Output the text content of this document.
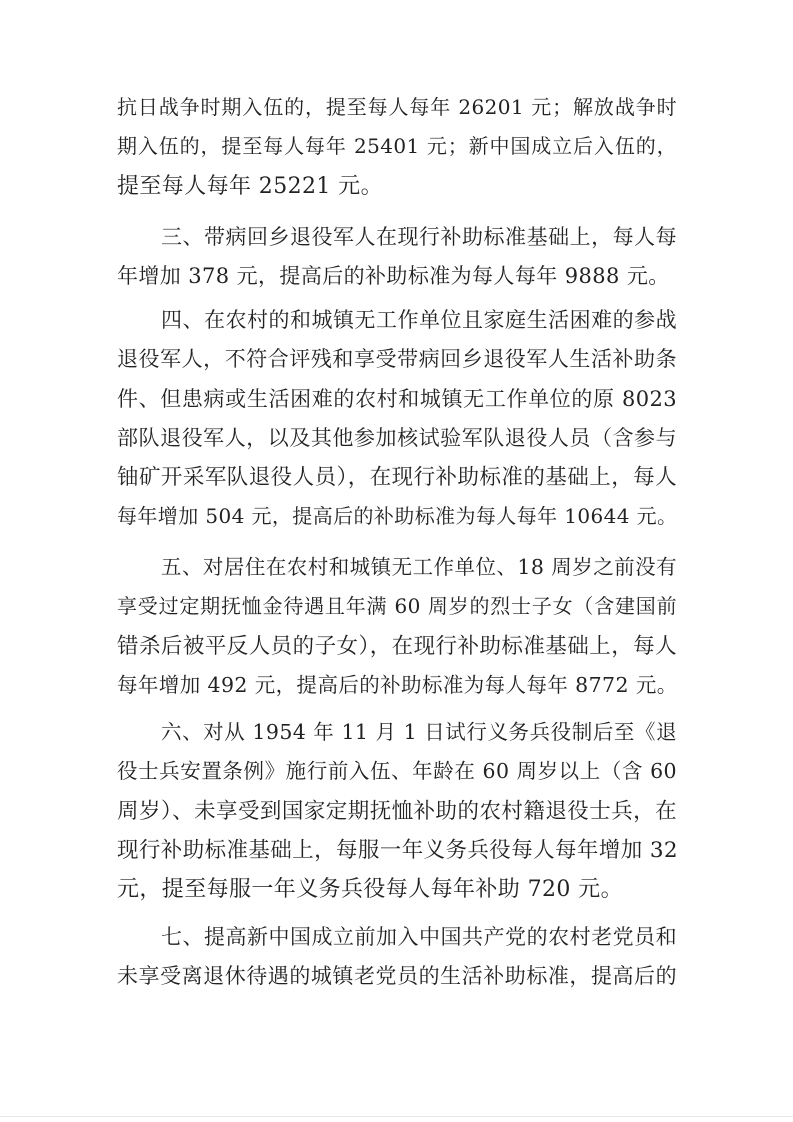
抗日战争时期入伍的，提至每人每年 26201 元；解放战争时
期入伍的，提至每人每年 25401 元；新中国成立后入伍的，
提至每人每年 25221 元。
三、带病回乡退役军人在现行补助标准基础上，每人每
年增加 378 元，提高后的补助标准为每人每年 9888 元。
四、在农村的和城镇无工作单位且家庭生活困难的参战
退役军人，不符合评残和享受带病回乡退役军人生活补助条
件、但患病或生活困难的农村和城镇无工作单位的原 8023
部队退役军人，以及其他参加核试验军队退役人员（含参与
铀矿开采军队退役人员），在现行补助标准的基础上，每人
每年增加 504 元，提高后的补助标准为每人每年 10644 元。
五、对居住在农村和城镇无工作单位、18 周岁之前没有
享受过定期抚恤金待遇且年满 60 周岁的烈士子女（含建国前
错杀后被平反人员的子女），在现行补助标准基础上，每人
每年增加 492 元，提高后的补助标准为每人每年 8772 元。
六、对从 1954 年 11 月 1 日试行义务兵役制后至《退
役士兵安置条例》施行前入伍、年龄在 60 周岁以上（含 60
周岁）、未享受到国家定期抚恤补助的农村籍退役士兵，在
现行补助标准基础上，每服一年义务兵役每人每年增加 32
元，提至每服一年义务兵役每人每年补助 720 元。
七、提高新中国成立前加入中国共产党的农村老党员和
未享受离退休待遇的城镇老党员的生活补助标准，提高后的
